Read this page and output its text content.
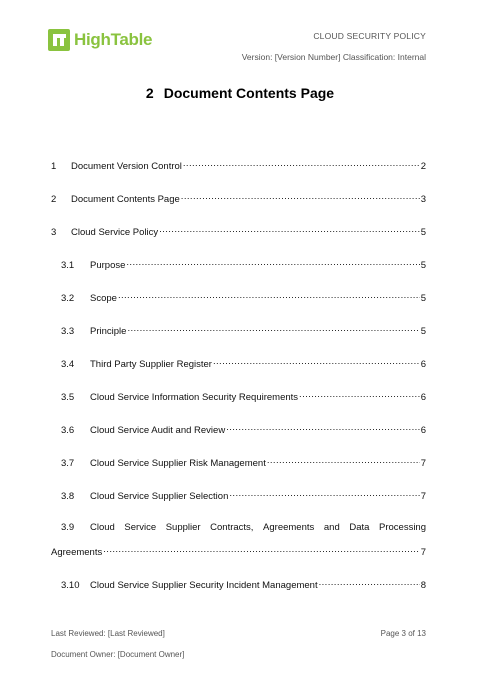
HighTable	CLOUD SECURITY POLICY
Version: [Version Number] Classification: Internal
2 Document Contents Page
1	Document Version Control .....	2
2	Document Contents Page .....	3
3	Cloud Service Policy .....	5
3.1	Purpose .....	5
3.2	Scope .....	5
3.3	Principle .....	5
3.4	Third Party Supplier Register .....	6
3.5	Cloud Service Information Security Requirements .....	6
3.6	Cloud Service Audit and Review .....	6
3.7	Cloud Service Supplier Risk Management .....	7
3.8	Cloud Service Supplier Selection .....	7
3.9	Cloud Service Supplier Contracts, Agreements and Data Processing
Agreements .....	7
3.10	Cloud Service Supplier Security Incident Management .....	8
Last Reviewed: [Last Reviewed]	Page 3 of 13
Document Owner: [Document Owner]
